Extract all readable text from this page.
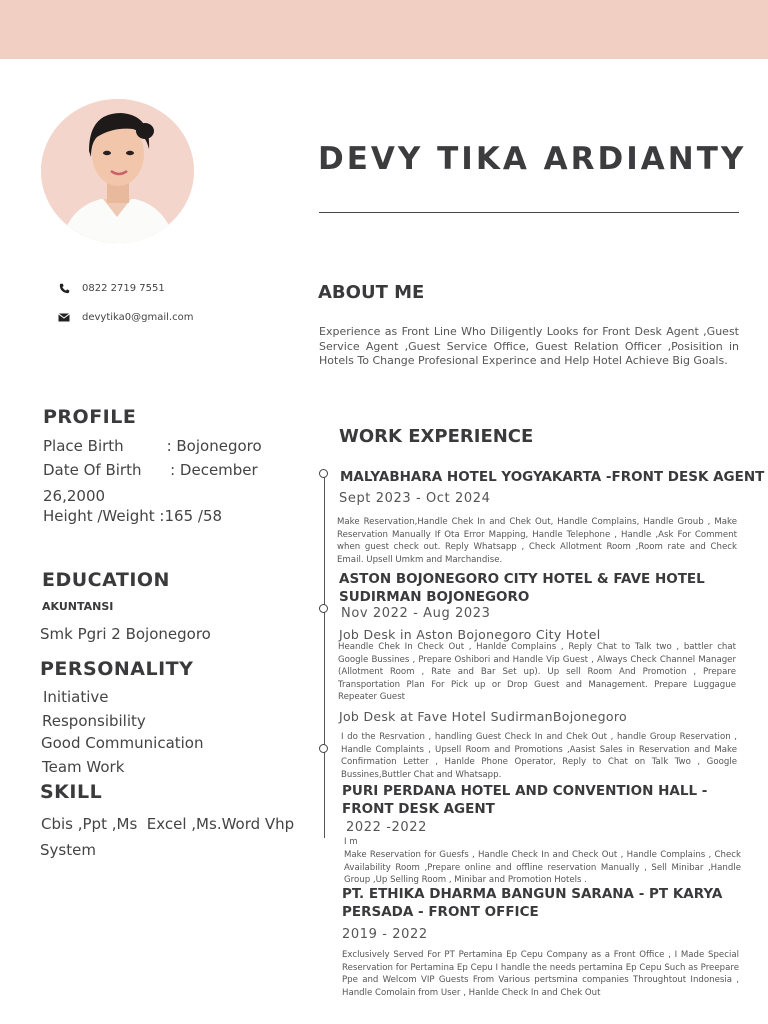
DEVY TIKA ARDIANTY
0822 2719 7551
devytika0@gmail.com
PROFILE
Place Birth         : Bojonegoro
Date Of Birth      : December
26,2000
Height /Weight :165 /58
EDUCATION
AKUNTANSI
Smk Pgri 2 Bojonegoro
PERSONALITY
Initiative
Responsibility
Good Communication
Team Work
SKILL
Cbis ,Ppt ,Ms  Excel ,Ms.Word Vhp
System
ABOUT ME
Experience as Front Line Who Diligently Looks for Front Desk Agent ,Guest Service Agent ,Guest Service Office, Guest Relation Officer ,Posisition in Hotels To Change Profesional Experince and Help Hotel Achieve Big Goals.
WORK EXPERIENCE
MALYABHARA HOTEL YOGYAKARTA -FRONT DESK AGENT
Sept 2023 - Oct 2024
Make Reservation,Handle Chek In and Chek Out, Handle Complains, Handle Groub , Make Reservation Manually If Ota Error Mapping, Handle Telephone , Handle ,Ask For Comment when guest check out. Reply Whatsapp , Check Allotment Room ,Room rate and Check Email. Upsell Umkm and Marchandise.
ASTON BOJONEGORO CITY HOTEL & FAVE HOTEL SUDIRMAN BOJONEGORO
Nov 2022 - Aug 2023
Job Desk in Aston Bojonegoro City Hotel
Heandle Chek In Check Out , Hanlde Complains , Reply Chat to Talk two , battler chat Google Bussines , Prepare Oshibori and Handle Vip Guest , Always Check Channel Manager (Allotment Room , Rate and Bar Set up). Up sell Room And Promotion , Prepare Transportation Plan For Pick up or Drop Guest and Management. Prepare Luggague Repeater Guest
Job Desk at Fave Hotel SudirmanBojonegoro
I do the Resrvation , handling Guest Check In and Chek Out , handle Group Reservation , Handle Complaints , Upsell Room and Promotions ,Aasist Sales in Reservation and Make Confirmation Letter , Hanlde Phone Operator, Reply to Chat on Talk Two , Google Bussines,Buttler Chat and Whatsapp.
PURI PERDANA HOTEL AND CONVENTION HALL - FRONT DESK AGENT
2022 -2022
I m
Make Reservation for Guesfs , Handle Check In and Check Out , Handle Complains , Check Availability Room ,Prepare online and offline reservation Manually , Sell Minibar ,Handle Group ,Up Selling Room , Minibar and Promotion Hotels .
PT. ETHIKA DHARMA BANGUN SARANA - PT KARYA PERSADA - FRONT OFFICE
2019 - 2022
Exclusively Served For PT Pertamina Ep Cepu Company as a Front Office , I Made Special Reservation for Pertamina Ep Cepu I handle the needs pertamina Ep Cepu Such as Preepare Ppe and Welcom VIP Guests From Various pertsmina companies Throughtout Indonesia , Handle Comolain from User , Hanlde Check In and Chek Out
